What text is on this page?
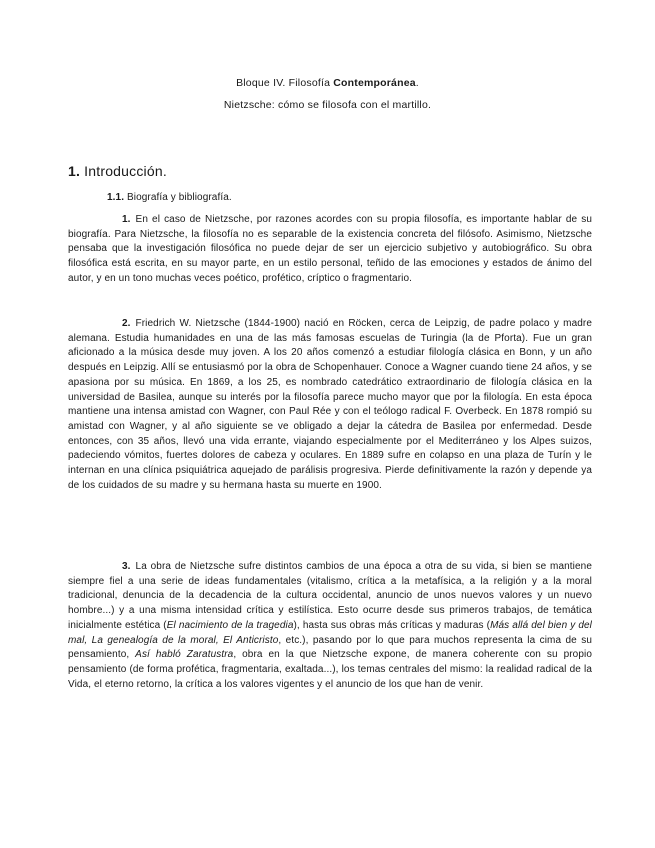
Bloque IV. Filosofía Contemporánea.
Nietzsche: cómo se filosofa con el martillo.
1. Introducción.
1.1. Biografía y bibliografía.
1. En el caso de Nietzsche, por razones acordes con su propia filosofía, es importante hablar de su biografía. Para Nietzsche, la filosofía no es separable de la existencia concreta del filósofo. Asimismo, Nietzsche pensaba que la investigación filosófica no puede dejar de ser un ejercicio subjetivo y autobiográfico. Su obra filosófica está escrita, en su mayor parte, en un estilo personal, teñido de las emociones y estados de ánimo del autor, y en un tono muchas veces poético, profético, críptico o fragmentario.
2. Friedrich W. Nietzsche (1844-1900) nació en Röcken, cerca de Leipzig, de padre polaco y madre alemana. Estudia humanidades en una de las más famosas escuelas de Turingia (la de Pforta). Fue un gran aficionado a la música desde muy joven. A los 20 años comenzó a estudiar filología clásica en Bonn, y un año después en Leipzig. Allí se entusiasmó por la obra de Schopenhauer. Conoce a Wagner cuando tiene 24 años, y se apasiona por su música. En 1869, a los 25, es nombrado catedrático extraordinario de filología clásica en la universidad de Basilea, aunque su interés por la filosofía parece mucho mayor que por la filología. En esta época mantiene una intensa amistad con Wagner, con Paul Rée y con el teólogo radical F. Overbeck. En 1878 rompió su amistad con Wagner, y al año siguiente se ve obligado a dejar la cátedra de Basilea por enfermedad. Desde entonces, con 35 años, llevó una vida errante, viajando especialmente por el Mediterráneo y los Alpes suizos, padeciendo vómitos, fuertes dolores de cabeza y oculares. En 1889 sufre en colapso en una plaza de Turín y le internan en una clínica psiquiátrica aquejado de parálisis progresiva. Pierde definitivamente la razón y depende ya de los cuidados de su madre y su hermana hasta su muerte en 1900.
3. La obra de Nietzsche sufre distintos cambios de una época a otra de su vida, si bien se mantiene siempre fiel a una serie de ideas fundamentales (vitalismo, crítica a la metafísica, a la religión y a la moral tradicional, denuncia de la decadencia de la cultura occidental, anuncio de unos nuevos valores y un nuevo hombre...) y a una misma intensidad crítica y estilística. Esto ocurre desde sus primeros trabajos, de temática inicialmente estética (El nacimiento de la tragedia), hasta sus obras más críticas y maduras (Más allá del bien y del mal, La genealogía de la moral, El Anticristo, etc.), pasando por lo que para muchos representa la cima de su pensamiento, Así habló Zaratustra, obra en la que Nietzsche expone, de manera coherente con su propio pensamiento (de forma profética, fragmentaria, exaltada...), los temas centrales del mismo: la realidad radical de la Vida, el eterno retorno, la crítica a los valores vigentes y el anuncio de los que han de venir.
